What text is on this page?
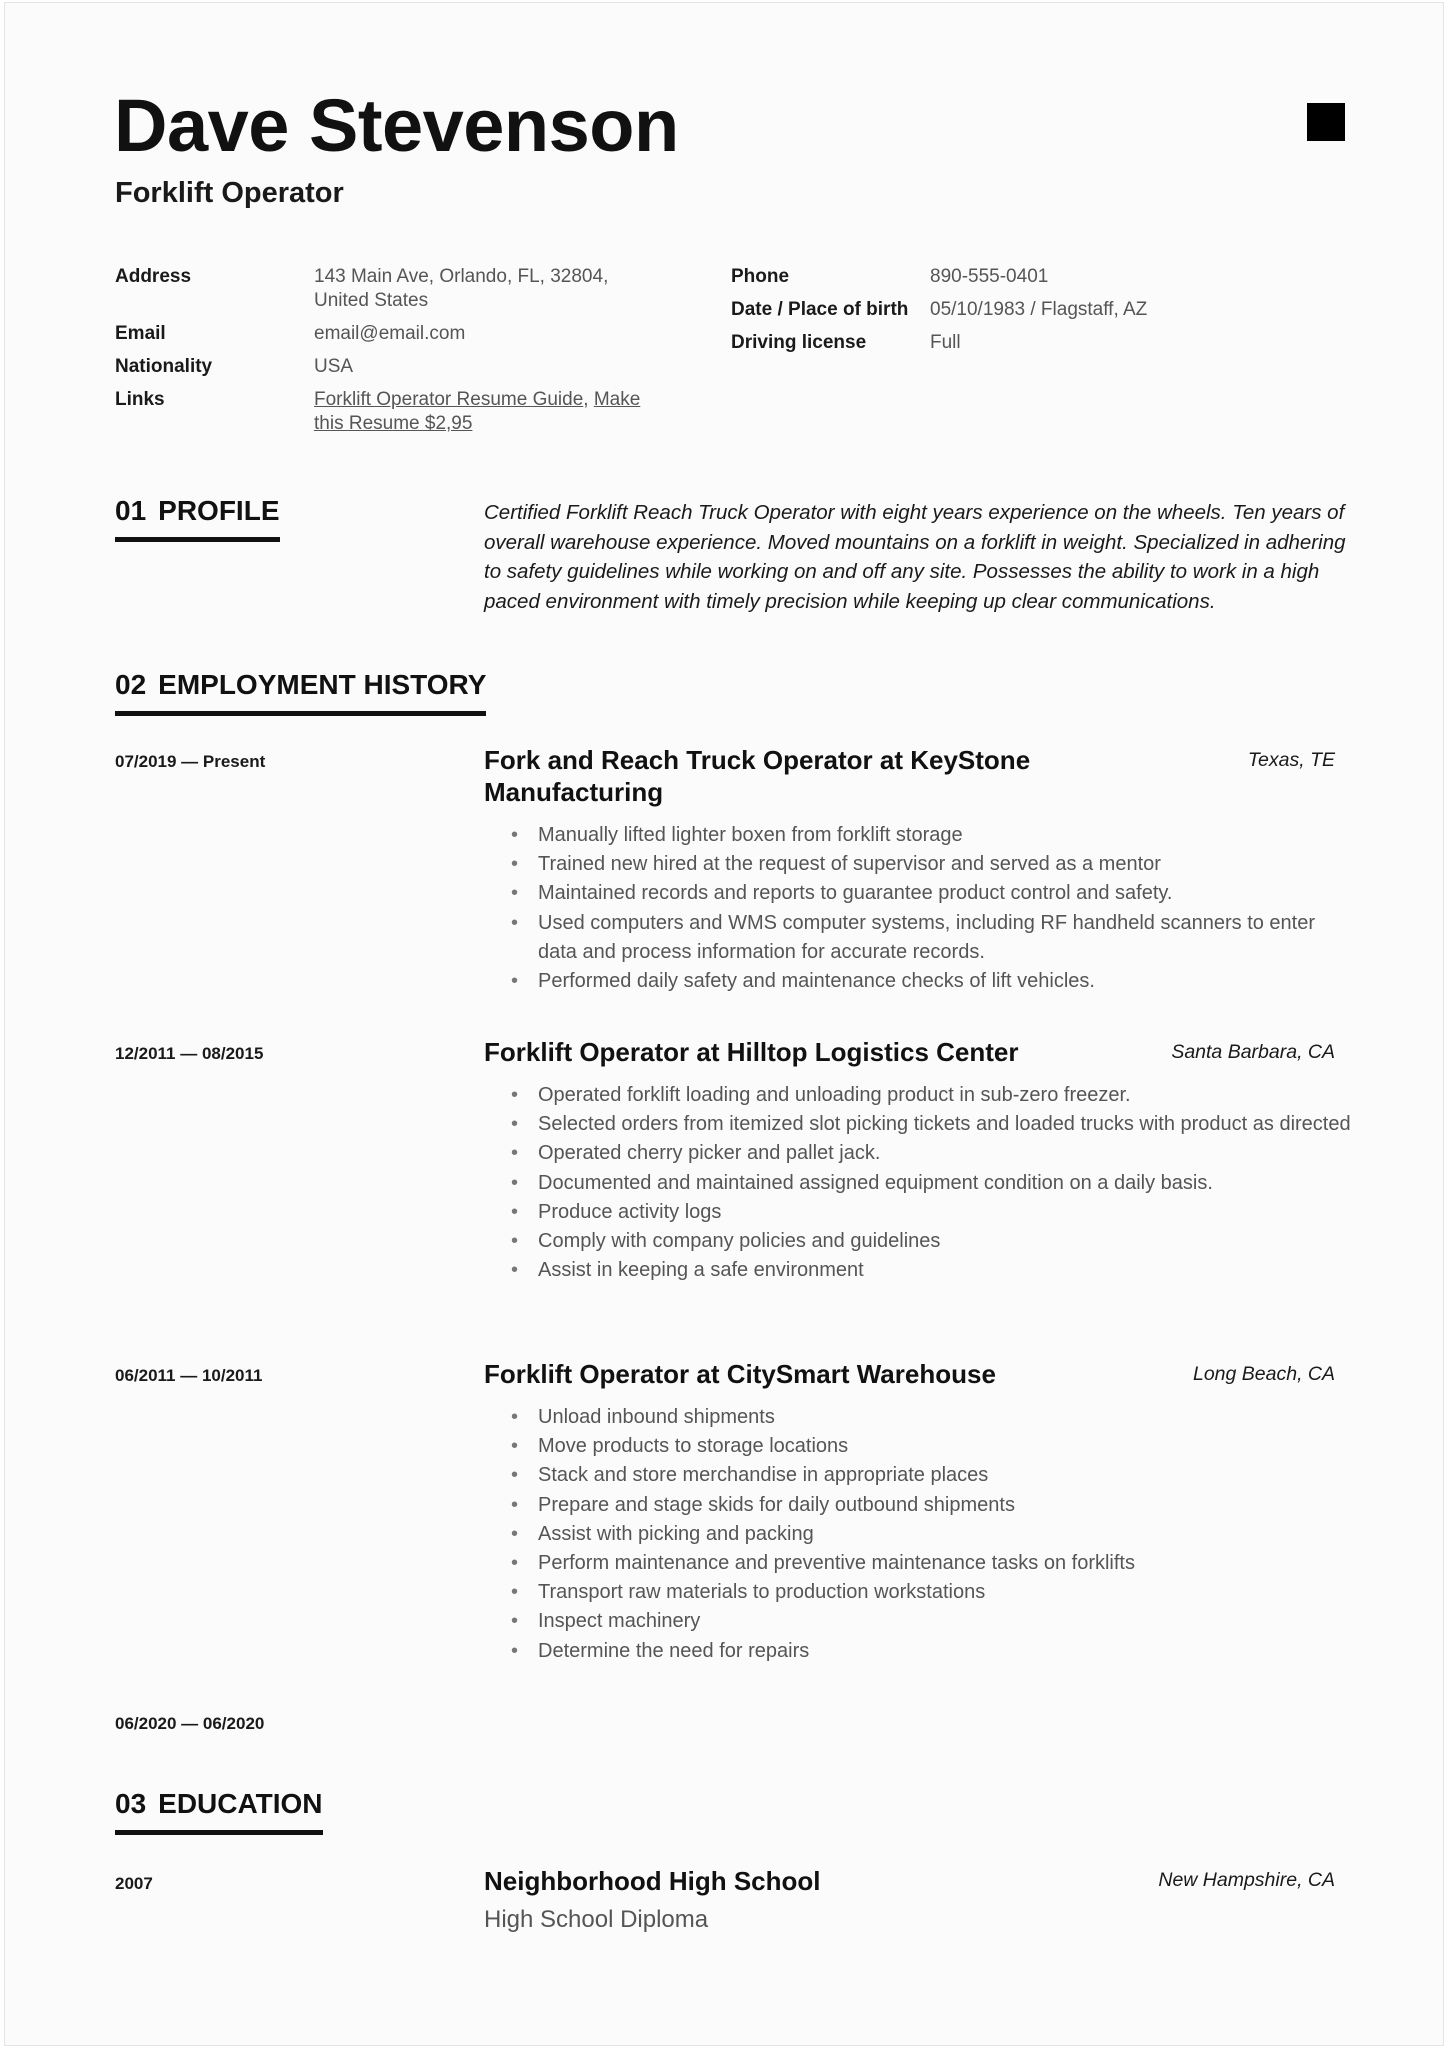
Dave Stevenson
Forklift Operator
Address	143 Main Ave, Orlando, FL, 32804, United States
Email	email@email.com
Nationality	USA
Links	Forklift Operator Resume Guide, Make this Resume $2,95
Phone	890-555-0401
Date / Place of birth	05/10/1983 / Flagstaff, AZ
Driving license	Full
01 PROFILE	Certified Forklift Reach Truck Operator with eight years experience on the wheels. Ten years of overall warehouse experience. Moved mountains on a forklift in weight. Specialized in adhering to safety guidelines while working on and off any site. Possesses the ability to work in a high paced environment with timely precision while keeping up clear communications.
02 EMPLOYMENT HISTORY
07/2019 — Present	Fork and Reach Truck Operator at KeyStone Manufacturing
Texas, TE
• Manually lifted lighter boxen from forklift storage
• Trained new hired at the request of supervisor and served as a mentor
• Maintained records and reports to guarantee product control and safety.
• Used computers and WMS computer systems, including RF handheld scanners to enter data and process information for accurate records.
• Performed daily safety and maintenance checks of lift vehicles.
12/2011 — 08/2015	Forklift Operator at Hilltop Logistics Center	Santa Barbara, CA
• Operated forklift loading and unloading product in sub-zero freezer.
• Selected orders from itemized slot picking tickets and loaded trucks with product as directed
• Operated cherry picker and pallet jack.
• Documented and maintained assigned equipment condition on a daily basis.
• Produce activity logs
• Comply with company policies and guidelines
• Assist in keeping a safe environment
06/2011 — 10/2011	Forklift Operator at CitySmart Warehouse	Long Beach, CA
• Unload inbound shipments
• Move products to storage locations
• Stack and store merchandise in appropriate places
• Prepare and stage skids for daily outbound shipments
• Assist with picking and packing
• Perform maintenance and preventive maintenance tasks on forklifts
• Transport raw materials to production workstations
• Inspect machinery
• Determine the need for repairs
06/2020 — 06/2020
03 EDUCATION
2007	Neighborhood High School	New Hampshire, CA
High School Diploma
